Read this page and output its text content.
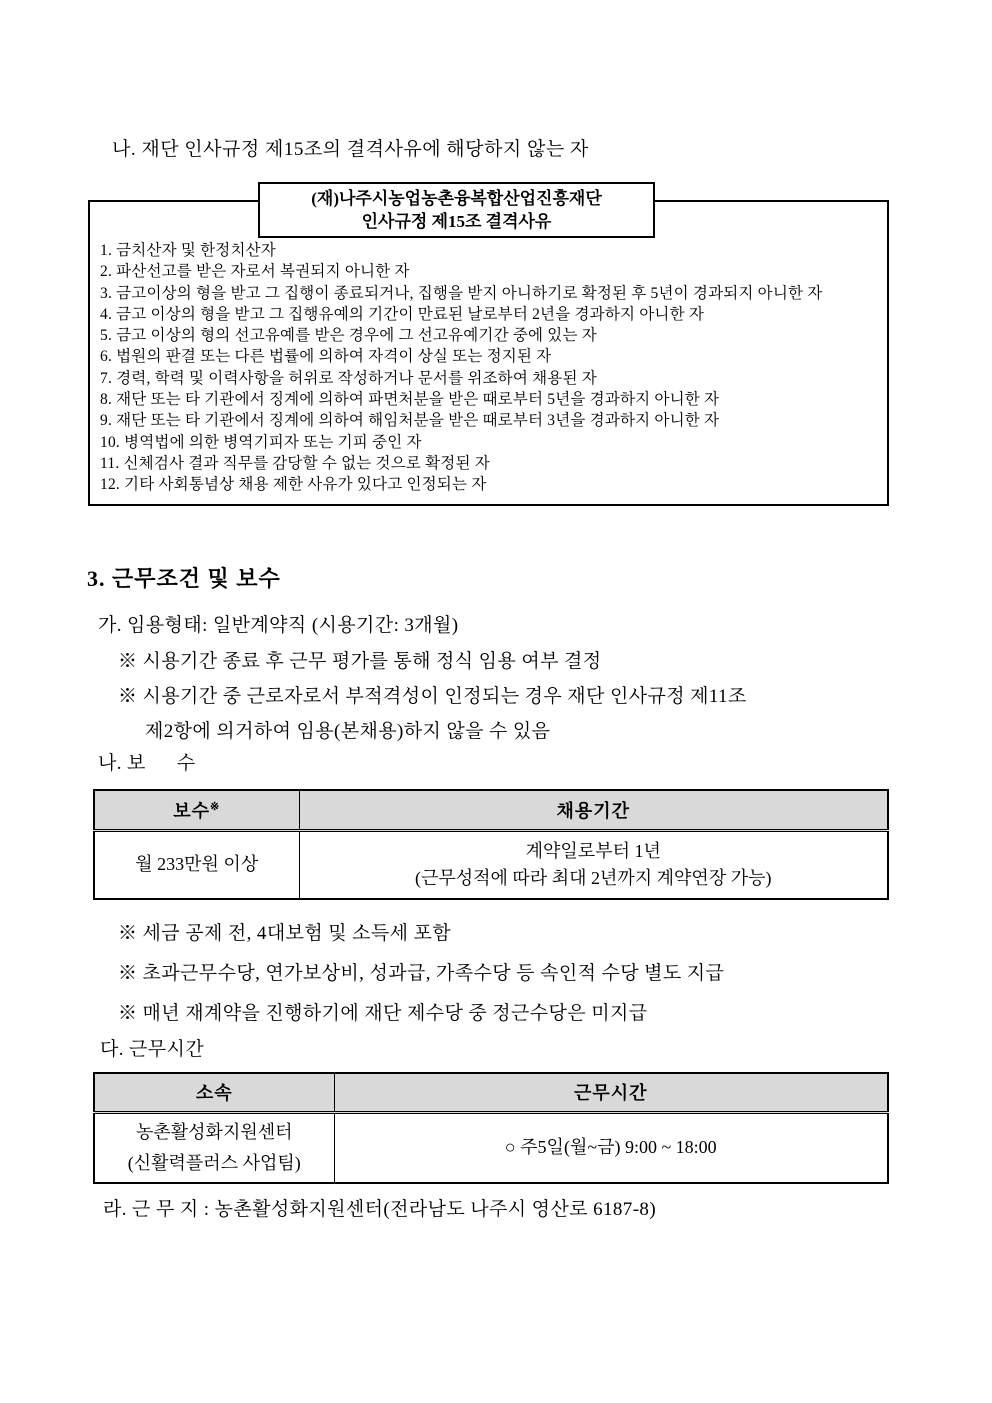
나. 재단 인사규정 제15조의 결격사유에 해당하지 않는 자
(재)나주시농업농촌융복합산업진흥재단
인사규정 제15조 결격사유
1. 금치산자 및 한정치산자
2. 파산선고를 받은 자로서 복권되지 아니한 자
3. 금고이상의 형을 받고 그 집행이 종료되거나, 집행을 받지 아니하기로 확정된 후 5년이 경과되지 아니한 자
4. 금고 이상의 형을 받고 그 집행유예의 기간이 만료된 날로부터 2년을 경과하지 아니한 자
5. 금고 이상의 형의 선고유예를 받은 경우에 그 선고유예기간 중에 있는 자
6. 법원의 판결 또는 다른 법률에 의하여 자격이 상실 또는 정지된 자
7. 경력, 학력 및 이력사항을 허위로 작성하거나 문서를 위조하여 채용된 자
8. 재단 또는 타 기관에서 징계에 의하여 파면처분을 받은 때로부터 5년을 경과하지 아니한 자
9. 재단 또는 타 기관에서 징계에 의하여 해임처분을 받은 때로부터 3년을 경과하지 아니한 자
10. 병역법에 의한 병역기피자 또는 기피 중인 자
11. 신체검사 결과 직무를 감당할 수 없는 것으로 확정된 자
12. 기타 사회통념상 채용 제한 사유가 있다고 인정되는 자
3. 근무조건 및 보수
가. 임용형태: 일반계약직 (시용기간: 3개월)
※ 시용기간 종료 후 근무 평가를 통해 정식 임용 여부 결정
※ 시용기간 중 근로자로서 부적격성이 인정되는 경우 재단 인사규정 제11조
제2항에 의거하여 임용(본채용)하지 않을 수 있음
나. 보      수
보수※	채용기간
월 233만원 이상	계약일로부터 1년
(근무성적에 따라 최대 2년까지 계약연장 가능)
※ 세금 공제 전, 4대보험 및 소득세 포함
※ 초과근무수당, 연가보상비, 성과급, 가족수당 등 속인적 수당 별도 지급
※ 매년 재계약을 진행하기에 재단 제수당 중 정근수당은 미지급
다. 근무시간
소속	근무시간

농촌활성화지원센터
(신활력플러스 사업팀)	○ 주5일(월~금) 9:00 ~ 18:00
라. 근 무 지 : 농촌활성화지원센터(전라남도 나주시 영산로 6187-8)
